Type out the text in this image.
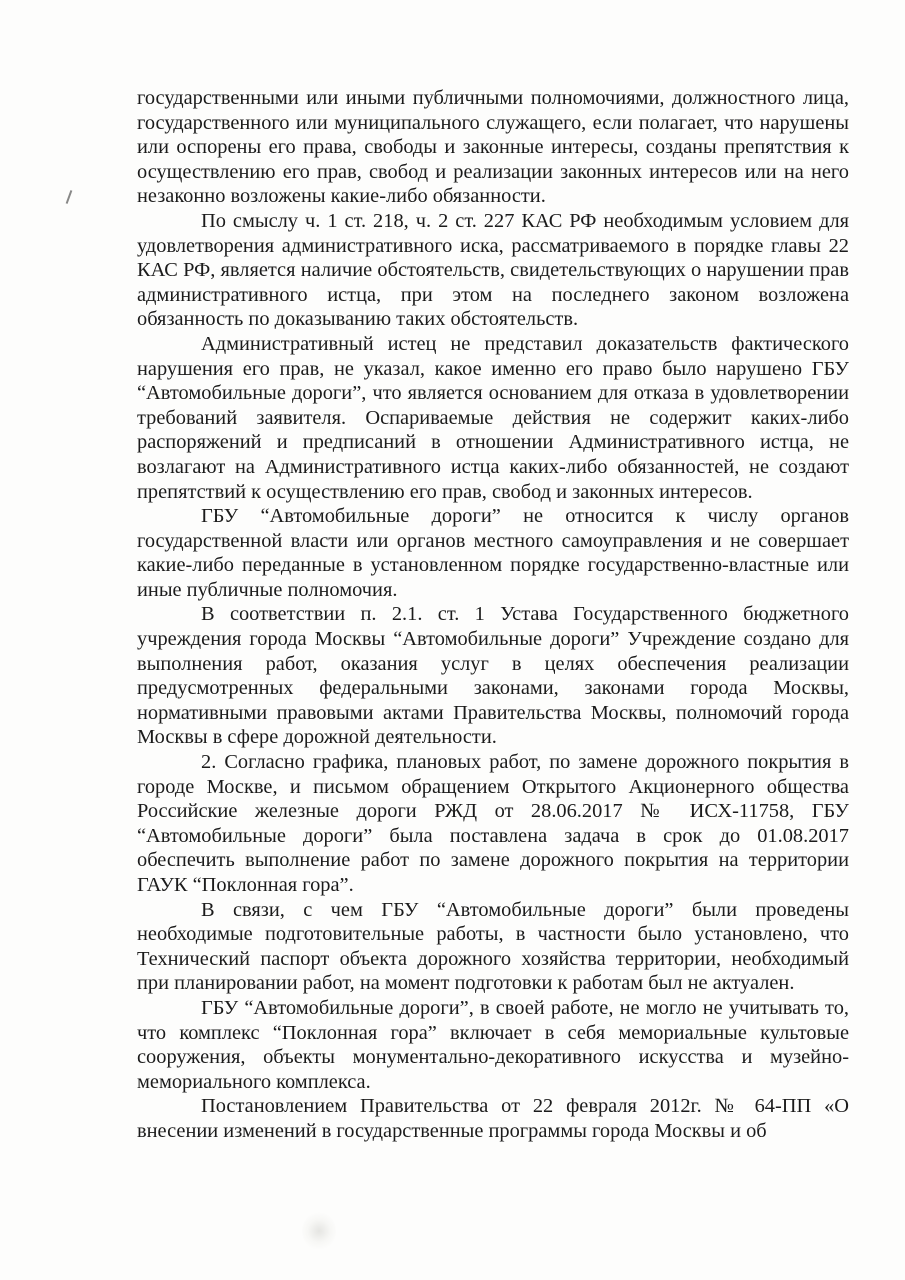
государственными или иными публичными полномочиями, должностного лица, государственного или муниципального служащего, если полагает, что нарушены или оспорены его права, свободы и законные интересы, созданы препятствия к осуществлению его прав, свобод и реализации законных интересов или на него незаконно возложены какие-либо обязанности.

По смыслу ч. 1 ст. 218, ч. 2 ст. 227 КАС РФ необходимым условием для удовлетворения административного иска, рассматриваемого в порядке главы 22 КАС РФ, является наличие обстоятельств, свидетельствующих о нарушении прав административного истца, при этом на последнего законом возложена обязанность по доказыванию таких обстоятельств.

Административный истец не представил доказательств фактического нарушения его прав, не указал, какое именно его право было нарушено ГБУ “Автомобильные дороги”, что является основанием для отказа в удовлетворении требований заявителя. Оспариваемые действия не содержит каких-либо распоряжений и предписаний в отношении Административного истца, не возлагают на Административного истца каких-либо обязанностей, не создают препятствий к осуществлению его прав, свобод и законных интересов.

ГБУ “Автомобильные дороги” не относится к числу органов государственной власти или органов местного самоуправления и не совершает какие-либо переданные в установленном порядке государственно-властные или иные публичные полномочия.

В соответствии п. 2.1. ст. 1 Устава Государственного бюджетного учреждения города Москвы “Автомобильные дороги” Учреждение создано для выполнения работ, оказания услуг в целях обеспечения реализации предусмотренных федеральными законами, законами города Москвы, нормативными правовыми актами Правительства Москвы, полномочий города Москвы в сфере дорожной деятельности.

2. Согласно графика, плановых работ, по замене дорожного покрытия в городе Москве, и письмом обращением Открытого Акционерного общества Российские железные дороги РЖД от 28.06.2017 № ИСХ-11758, ГБУ “Автомобильные дороги” была поставлена задача в срок до 01.08.2017 обеспечить выполнение работ по замене дорожного покрытия на территории ГАУК “Поклонная гора”.

В связи, с чем ГБУ “Автомобильные дороги” были проведены необходимые подготовительные работы, в частности было установлено, что Технический паспорт объекта дорожного хозяйства территории, необходимый при планировании работ, на момент подготовки к работам был не актуален.

ГБУ “Автомобильные дороги”, в своей работе, не могло не учитывать то, что комплекс “Поклонная гора” включает в себя мемориальные культовые сооружения, объекты монументально-декоративного искусства и музейно-мемориального комплекса.

Постановлением Правительства от 22 февраля 2012г. № 64-ПП «О внесении изменений в государственные программы города Москвы и об
